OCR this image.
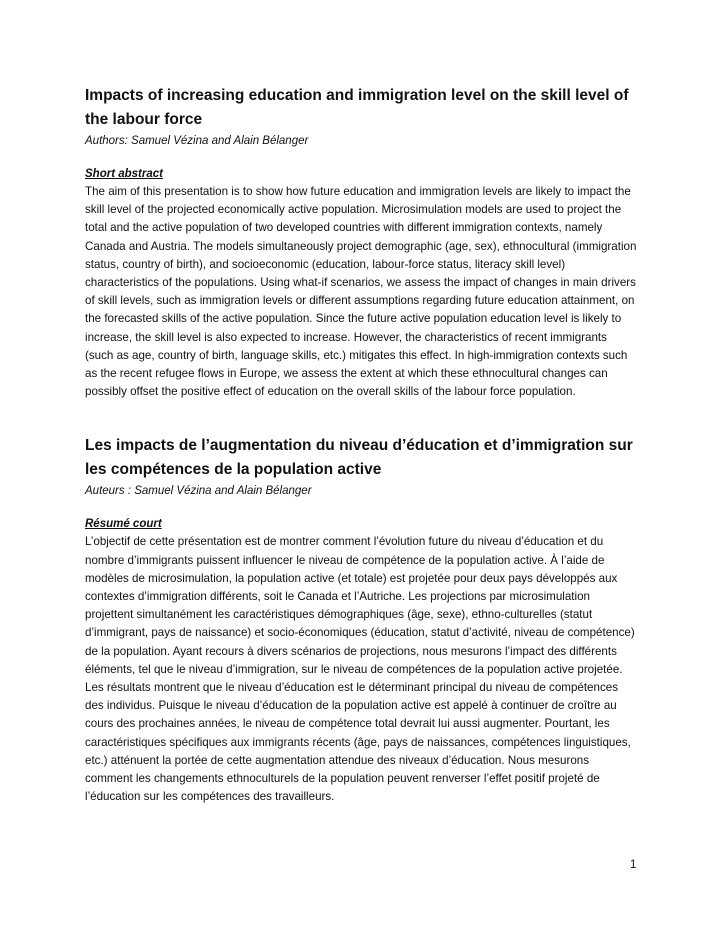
Impacts of increasing education and immigration level on the skill level of the labour force

Authors: Samuel Vézina and Alain Bélanger

Short abstract

The aim of this presentation is to show how future education and immigration levels are likely to impact the skill level of the projected economically active population. Microsimulation models are used to project the total and the active population of two developed countries with different immigration contexts, namely Canada and Austria. The models simultaneously project demographic (age, sex), ethnocultural (immigration status, country of birth), and socioeconomic (education, labour-force status, literacy skill level) characteristics of the populations. Using what-if scenarios, we assess the impact of changes in main drivers of skill levels, such as immigration levels or different assumptions regarding future education attainment, on the forecasted skills of the active population. Since the future active population education level is likely to increase, the skill level is also expected to increase. However, the characteristics of recent immigrants (such as age, country of birth, language skills, etc.) mitigates this effect. In high-immigration contexts such as the recent refugee flows in Europe, we assess the extent at which these ethnocultural changes can possibly offset the positive effect of education on the overall skills of the labour force population.

Les impacts de l’augmentation du niveau d’éducation et d’immigration sur les compétences de la population active

Auteurs : Samuel Vézina and Alain Bélanger

Résumé court

L’objectif de cette présentation est de montrer comment l’évolution future du niveau d’éducation et du nombre d’immigrants puissent influencer le niveau de compétence de la population active. À l’aide de modèles de microsimulation, la population active (et totale) est projetée pour deux pays développés aux contextes d’immigration différents, soit le Canada et l’Autriche. Les projections par microsimulation projettent simultanément les caractéristiques démographiques (âge, sexe), ethno-culturelles (statut d’immigrant, pays de naissance) et socio-économiques (éducation, statut d’activité, niveau de compétence) de la population. Ayant recours à divers scénarios de projections, nous mesurons l’impact des différents éléments, tel que le niveau d’immigration, sur le niveau de compétences de la population active projetée. Les résultats montrent que le niveau d’éducation est le déterminant principal du niveau de compétences des individus. Puisque le niveau d’éducation de la population active est appelé à continuer de croître au cours des prochaines années, le niveau de compétence total devrait lui aussi augmenter. Pourtant, les caractéristiques spécifiques aux immigrants récents (âge, pays de naissances, compétences linguistiques, etc.) atténuent la portée de cette augmentation attendue des niveaux d’éducation. Nous mesurons comment les changements ethnoculturels de la population peuvent renverser l’effet positif projeté de l’éducation sur les compétences des travailleurs.

1
